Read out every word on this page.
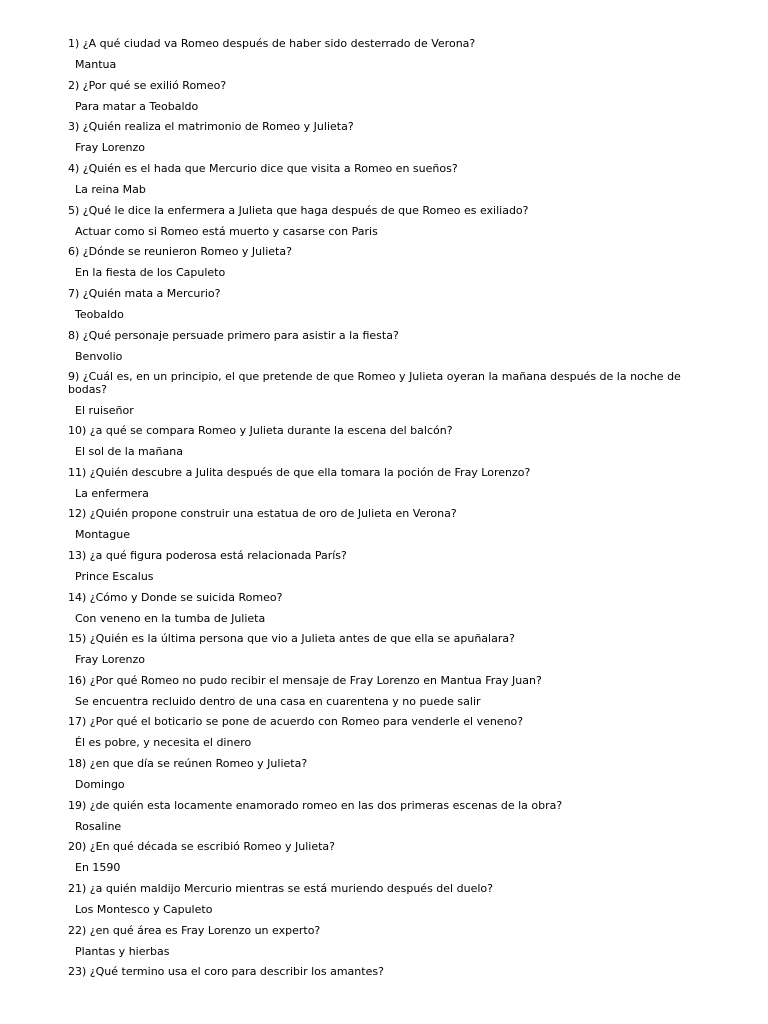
1) ¿A qué ciudad va Romeo después de haber sido desterrado de Verona?
Mantua
2) ¿Por qué se exilió Romeo?
Para matar a Teobaldo
3) ¿Quién realiza el matrimonio de Romeo y Julieta?
Fray Lorenzo
4) ¿Quién es el hada que Mercurio dice que visita a Romeo en sueños?
La reina Mab
5) ¿Qué le dice la enfermera a Julieta que haga después de que Romeo es exiliado?
Actuar como si Romeo está muerto y casarse con Paris
6) ¿Dónde se reunieron Romeo y Julieta?
En la fiesta de los Capuleto
7) ¿Quién mata a Mercurio?
Teobaldo
8) ¿Qué personaje persuade primero para asistir a la fiesta?
Benvolio
9) ¿Cuál es, en un principio, el que pretende de que Romeo y Julieta oyeran la mañana después de la noche de bodas?
El ruiseñor
10) ¿a qué se compara Romeo y Julieta durante la escena del balcón?
El sol de la mañana
11) ¿Quién descubre a Julita después de que ella tomara la poción de Fray Lorenzo?
La enfermera
12) ¿Quién propone construir una estatua de oro de Julieta en Verona?
Montague
13) ¿a qué figura poderosa está relacionada París?
Prince Escalus
14) ¿Cómo y Donde se suicida Romeo?
Con veneno en la tumba de Julieta
15) ¿Quién es la última persona que vio a Julieta antes de que ella se apuñalara?
Fray Lorenzo
16) ¿Por qué Romeo no pudo recibir el mensaje de Fray Lorenzo en Mantua Fray Juan?
Se encuentra recluido dentro de una casa en cuarentena y no puede salir
17) ¿Por qué el boticario se pone de acuerdo con Romeo para venderle el veneno?
Él es pobre, y necesita el dinero
18) ¿en que día se reúnen Romeo y Julieta?
Domingo
19) ¿de quién esta locamente enamorado romeo en las dos primeras escenas de la obra?
Rosaline
20) ¿En qué década se escribió Romeo y Julieta?
En 1590
21) ¿a quién maldijo Mercurio mientras se está muriendo después del duelo?
Los Montesco y Capuleto
22) ¿en qué área es Fray Lorenzo un experto?
Plantas y hierbas
23) ¿Qué termino usa el coro para describir los amantes?
